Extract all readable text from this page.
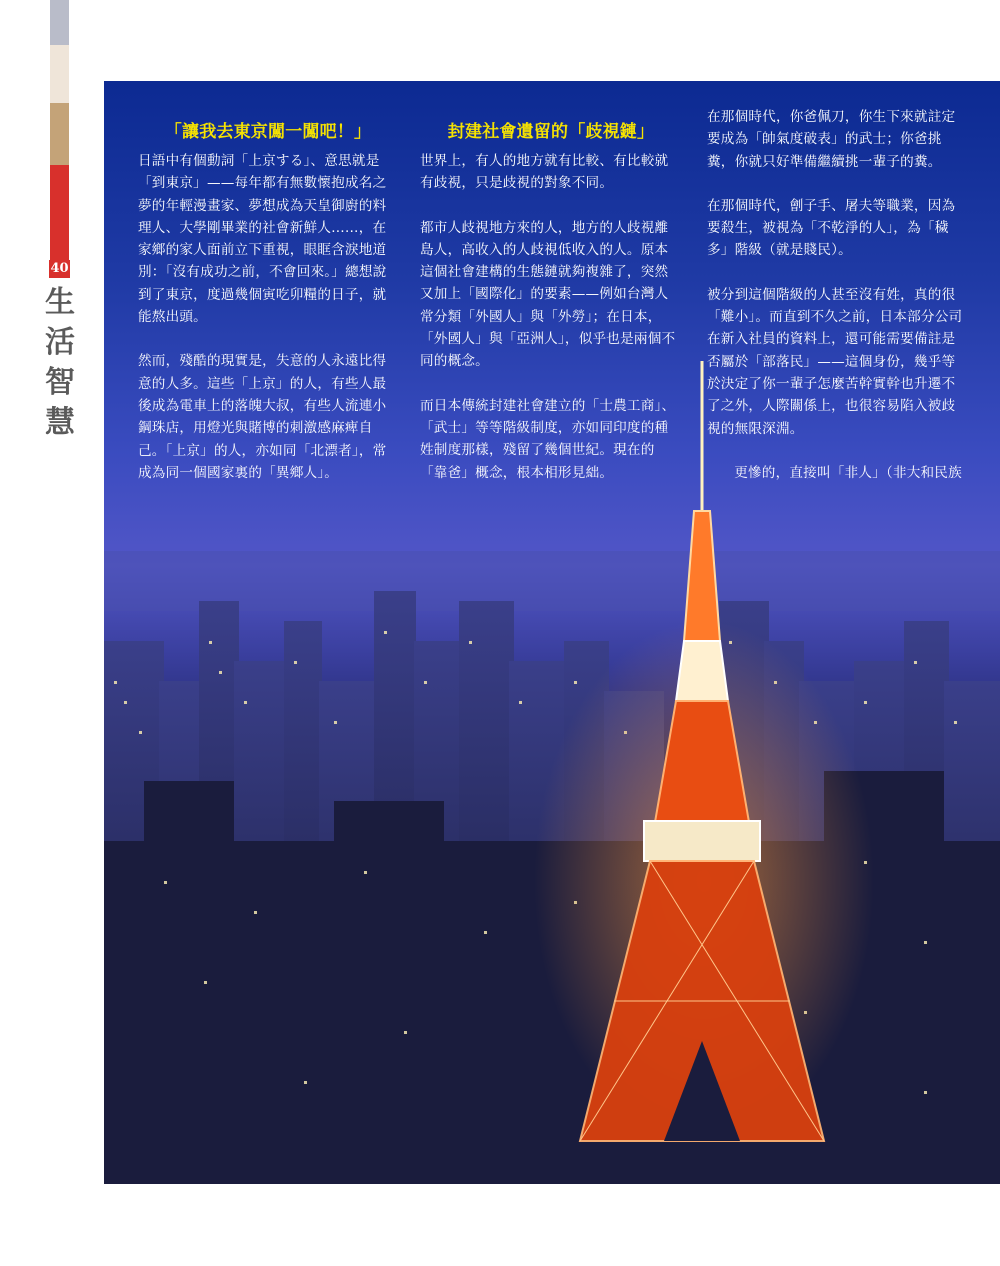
40
生
活
智
慧

「讓我去東京闖一闖吧！」

日語中有個動詞「上京する」、意思就是「到東京」——每年都有無數懷抱成名之夢的年輕漫畫家、夢想成為天皇御廚的料理人、大學剛畢業的社會新鮮人……，在家鄉的家人面前立下重視，眼眶含淚地道別：「沒有成功之前，不會回來。」總想說到了東京，度過幾個寅吃卯糧的日子，就能熬出頭。

然而，殘酷的現實是，失意的人永遠比得意的人多。這些「上京」的人，有些人最後成為電車上的落魄大叔，有些人流連小鋼珠店，用燈光與賭博的刺激感麻痺自己。「上京」的人，亦如同「北漂者」，常成為同一個國家裏的「異鄉人」。

封建社會遺留的「歧視鏈」

世界上，有人的地方就有比較、有比較就有歧視，只是歧視的對象不同。

都市人歧視地方來的人，地方的人歧視離島人，高收入的人歧視低收入的人。原本這個社會建構的生態鏈就夠複雜了，突然又加上「國際化」的要素——例如台灣人常分類「外國人」與「外勞」；在日本，「外國人」與「亞洲人」，似乎也是兩個不同的概念。

而日本傳統封建社會建立的「士農工商」、「武士」等等階級制度，亦如同印度的種姓制度那樣，殘留了幾個世紀。現在的「靠爸」概念，根本相形見絀。

在那個時代，你爸佩刀，你生下來就註定要成為「帥氣度破表」的武士；你爸挑糞，你就只好準備繼續挑一輩子的糞。

在那個時代，劊子手、屠夫等職業，因為要殺生，被視為「不乾淨的人」，為「穢多」階級（就是賤民）。

被分到這個階級的人甚至沒有姓，真的很「難小」。而直到不久之前，日本部分公司在新入社員的資料上，還可能需要備註是否屬於「部落民」——這個身份，幾乎等於決定了你一輩子怎麼苦幹實幹也升遷不了之外，人際關係上，也很容易陷入被歧視的無限深淵。

更慘的，直接叫「非人」（非大和民族
